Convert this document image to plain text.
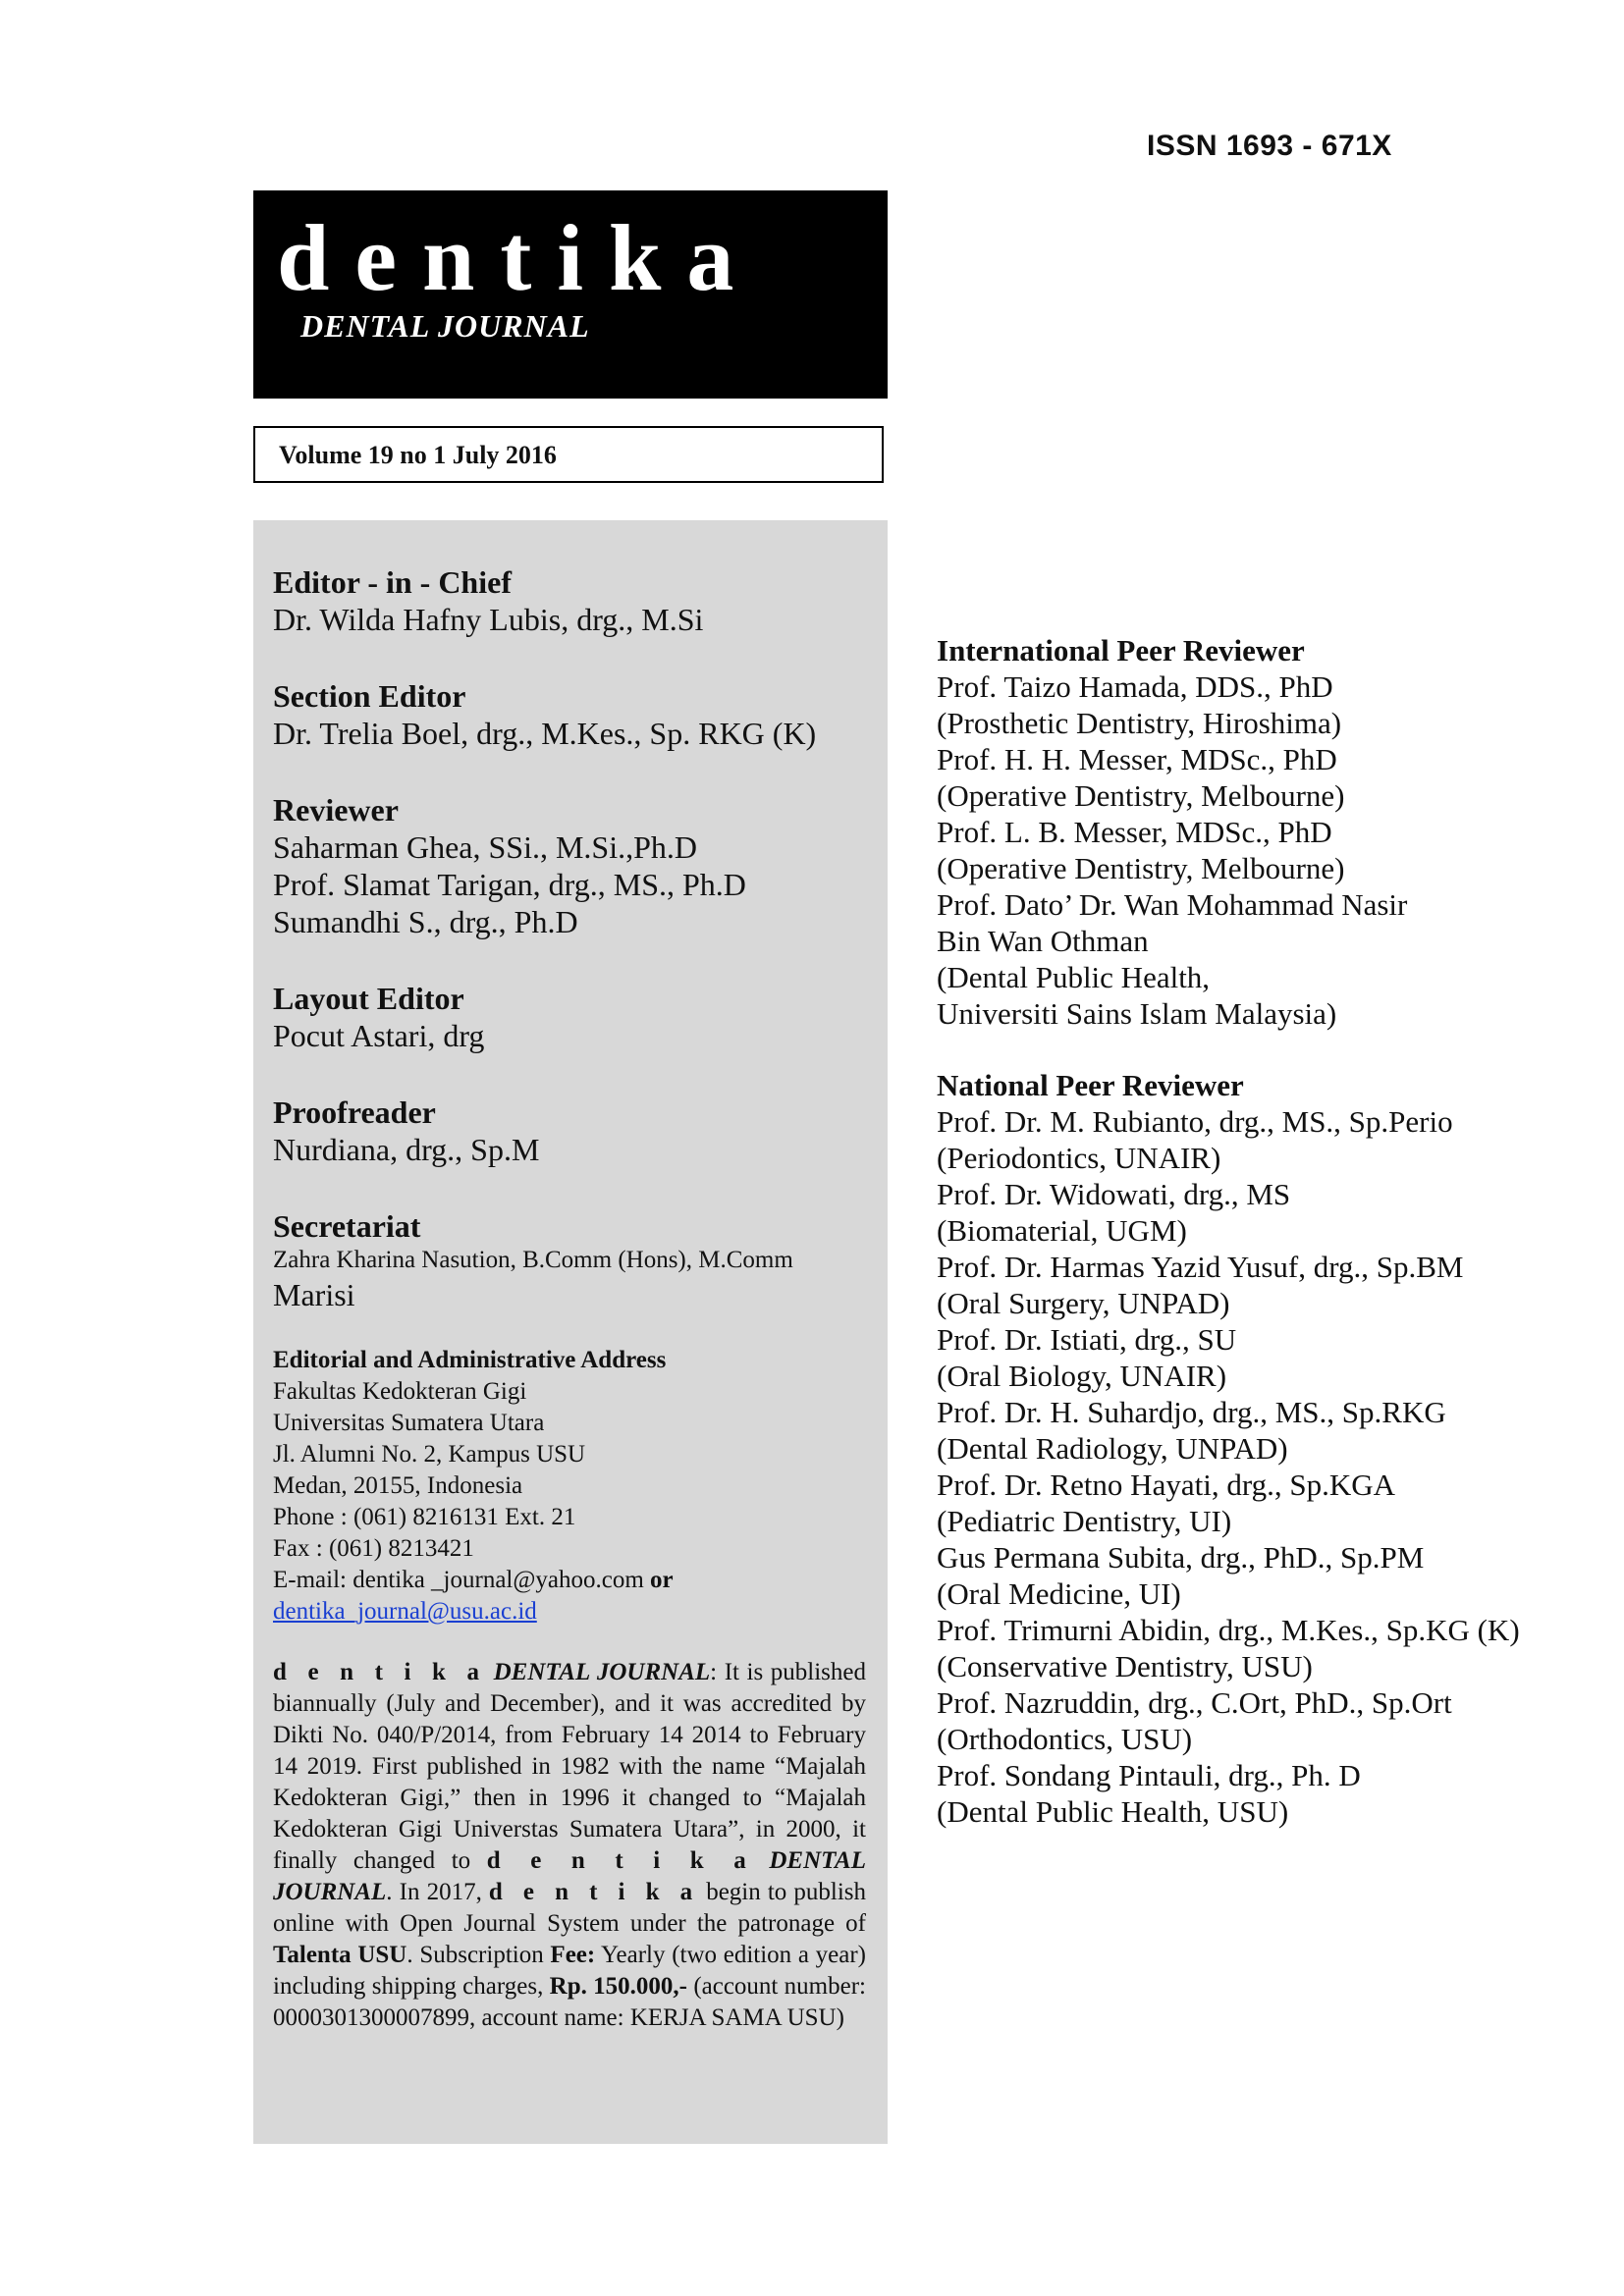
ISSN 1693 - 671X
dentika
DENTAL JOURNAL
Volume 19 no 1 July 2016
Editor - in - Chief
Dr. Wilda Hafny Lubis, drg., M.Si
Section Editor
Dr. Trelia Boel, drg., M.Kes., Sp. RKG (K)
Reviewer
Saharman Ghea, SSi., M.Si.,Ph.D
Prof. Slamat Tarigan, drg., MS., Ph.D
Sumandhi S., drg., Ph.D
Layout Editor
Pocut Astari, drg
Proofreader
Nurdiana, drg., Sp.M
Secretariat
Zahra Kharina Nasution, B.Comm (Hons), M.Comm
Marisi
Editorial and Administrative Address
Fakultas Kedokteran Gigi
Universitas Sumatera Utara
Jl. Alumni No. 2, Kampus USU
Medan, 20155, Indonesia
Phone : (061) 8216131 Ext. 21
Fax : (061) 8213421
E-mail: dentika _journal@yahoo.com or
dentika_journal@usu.ac.id
d e n t i k a DENTAL JOURNAL: It is published biannually (July and December), and it was accredited by Dikti No. 040/P/2014, from February 14 2014 to February 14 2019. First published in 1982 with the name “Majalah Kedokteran Gigi,” then in 1996 it changed to “Majalah Kedokteran Gigi Universtas Sumatera Utara”, in 2000, it finally changed to d e n t i k a DENTAL JOURNAL. In 2017, d e n t i k a begin to publish online with Open Journal System under the patronage of Talenta USU. Subscription Fee: Yearly (two edition a year) including shipping charges, Rp. 150.000,- (account number: 0000301300007899, account name: KERJA SAMA USU)
International Peer Reviewer
Prof. Taizo Hamada, DDS., PhD
(Prosthetic Dentistry, Hiroshima)
Prof. H. H. Messer, MDSc., PhD
(Operative Dentistry, Melbourne)
Prof. L. B. Messer, MDSc., PhD
(Operative Dentistry, Melbourne)
Prof. Dato’ Dr. Wan Mohammad Nasir
Bin Wan Othman
(Dental Public Health,
Universiti Sains Islam Malaysia)
National Peer Reviewer
Prof. Dr. M. Rubianto, drg., MS., Sp.Perio
(Periodontics, UNAIR)
Prof. Dr. Widowati, drg., MS
(Biomaterial, UGM)
Prof. Dr. Harmas Yazid Yusuf, drg., Sp.BM
(Oral Surgery, UNPAD)
Prof. Dr. Istiati, drg., SU
(Oral Biology, UNAIR)
Prof. Dr. H. Suhardjo, drg., MS., Sp.RKG
(Dental Radiology, UNPAD)
Prof. Dr. Retno Hayati, drg., Sp.KGA
(Pediatric Dentistry, UI)
Gus Permana Subita, drg., PhD., Sp.PM
(Oral Medicine, UI)
Prof. Trimurni Abidin, drg., M.Kes., Sp.KG (K)
(Conservative Dentistry, USU)
Prof. Nazruddin, drg., C.Ort, PhD., Sp.Ort
(Orthodontics, USU)
Prof. Sondang Pintauli, drg., Ph. D
(Dental Public Health, USU)
